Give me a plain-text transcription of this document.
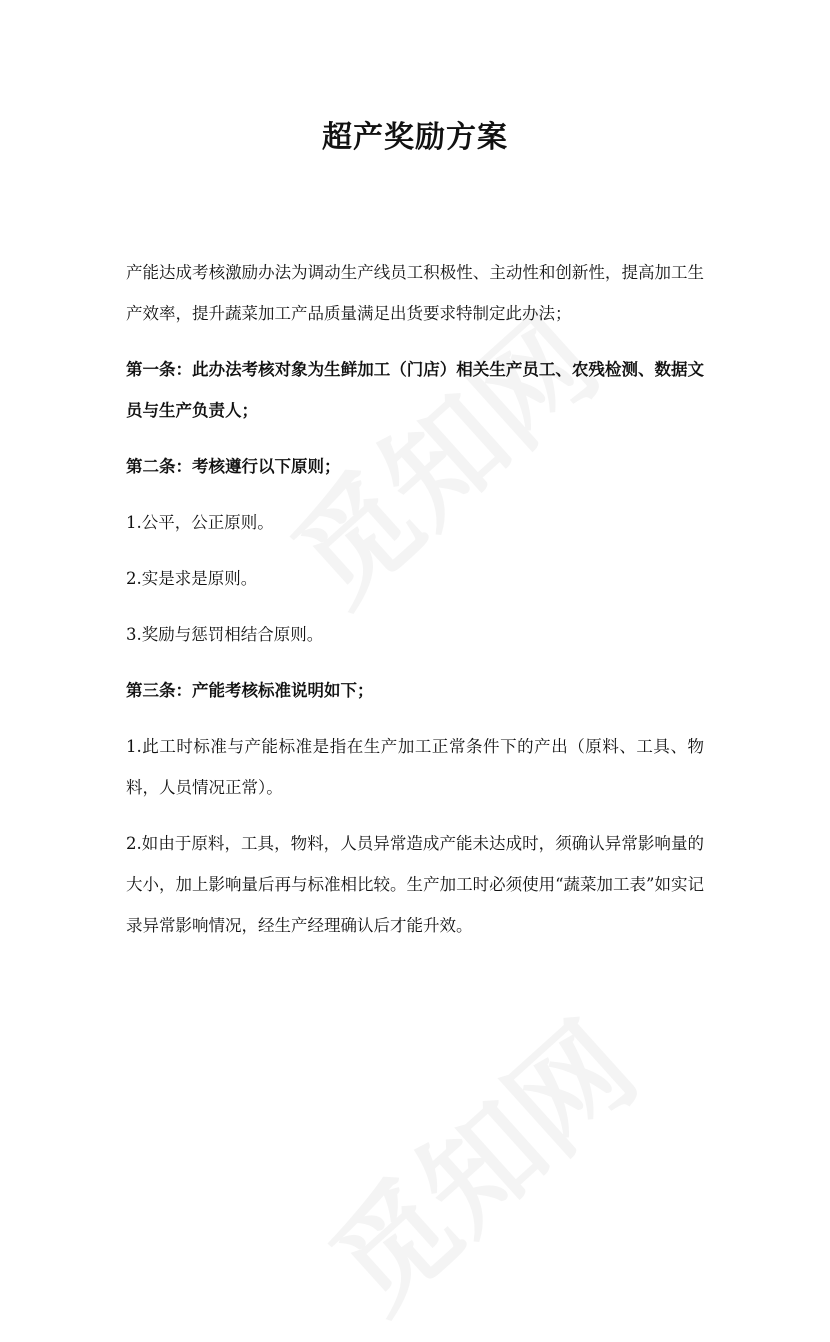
超产奖励方案

产能达成考核激励办法为调动生产线员工积极性、主动性和创新性，提高加工生产效率，提升蔬菜加工产品质量满足出货要求特制定此办法；

第一条：此办法考核对象为生鲜加工（门店）相关生产员工、农残检测、数据文员与生产负责人；

第二条：考核遵行以下原则；

1.公平，公正原则。

2.实是求是原则。

3.奖励与惩罚相结合原则。

第三条：产能考核标准说明如下；

1.此工时标准与产能标准是指在生产加工正常条件下的产出（原料、工具、物料，人员情况正常）。

2.如由于原料，工具，物料，人员异常造成产能未达成时，须确认异常影响量的大小，加上影响量后再与标准相比较。生产加工时必须使用“蔬菜加工表”如实记录异常影响情况，经生产经理确认后才能升效。
